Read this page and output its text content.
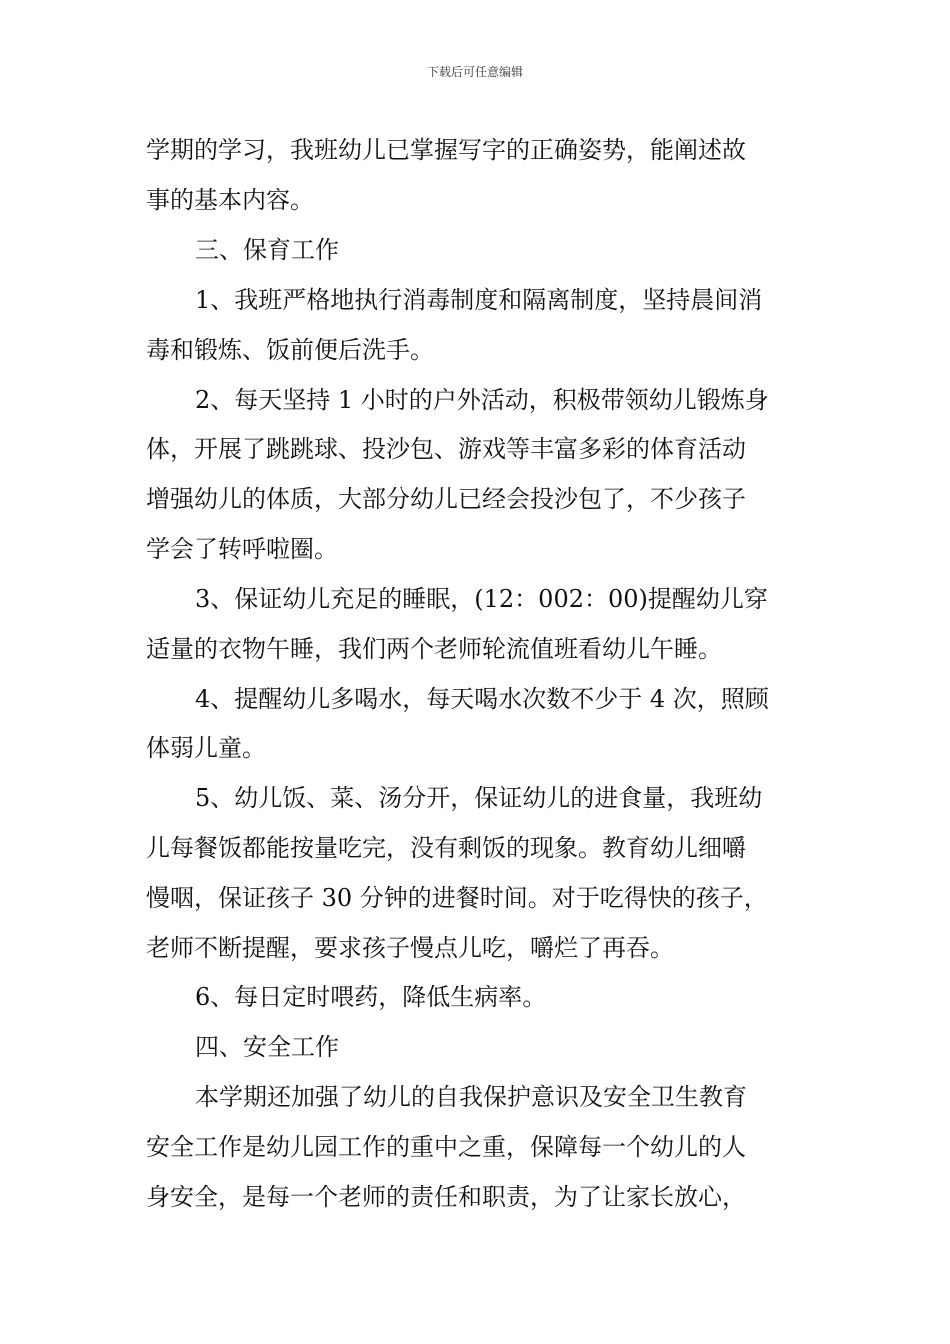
下载后可任意编辑
学期的学习，我班幼儿已掌握写字的正确姿势，能阐述故
事的基本内容。
三、保育工作
1、我班严格地执行消毒制度和隔离制度，坚持晨间消
毒和锻炼、饭前便后洗手。
2、每天坚持 1 小时的户外活动，积极带领幼儿锻炼身
体，开展了跳跳球、投沙包、游戏等丰富多彩的体育活动
增强幼儿的体质，大部分幼儿已经会投沙包了，不少孩子
学会了转呼啦圈。
3、保证幼儿充足的睡眠，(12：002：00)提醒幼儿穿
适量的衣物午睡，我们两个老师轮流值班看幼儿午睡。
4、提醒幼儿多喝水，每天喝水次数不少于 4 次，照顾
体弱儿童。
5、幼儿饭、菜、汤分开，保证幼儿的进食量，我班幼
儿每餐饭都能按量吃完，没有剩饭的现象。教育幼儿细嚼
慢咽，保证孩子 30 分钟的进餐时间。对于吃得快的孩子，
老师不断提醒，要求孩子慢点儿吃，嚼烂了再吞。
6、每日定时喂药，降低生病率。
四、安全工作
本学期还加强了幼儿的自我保护意识及安全卫生教育
安全工作是幼儿园工作的重中之重，保障每一个幼儿的人
身安全，是每一个老师的责任和职责，为了让家长放心，
